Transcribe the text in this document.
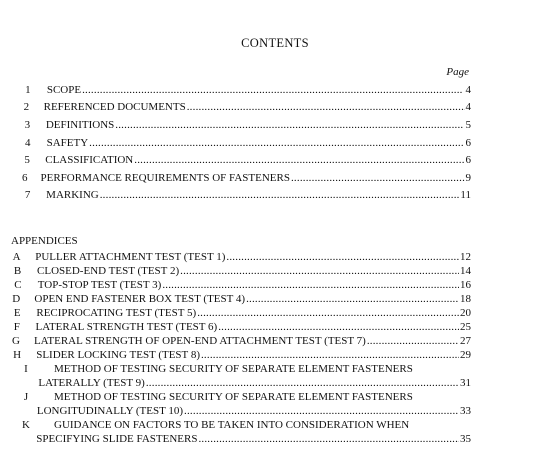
CONTENTS
Page
1 SCOPE .....	4
2 REFERENCED DOCUMENTS .....	4
3 DEFINITIONS .....	5
4 SAFETY .....	6
5 CLASSIFICATION .....	6
6 PERFORMANCE REQUIREMENTS OF FASTENERS .....	9
7 MARKING .....	11
APPENDICES
A PULLER ATTACHMENT TEST (TEST 1) .....	12
B CLOSED-END TEST (TEST 2) .....	14
C TOP-STOP TEST (TEST 3) .....	16
D OPEN END FASTENER BOX TEST (TEST 4) .....	18
E RECIPROCATING TEST (TEST 5) .....	20
F LATERAL STRENGTH TEST (TEST 6) .....	25
G LATERAL STRENGTH OF OPEN-END ATTACHMENT TEST (TEST 7) .....	27
H SLIDER LOCKING TEST (TEST 8) .....	29
I METHOD OF TESTING SECURITY OF SEPARATE ELEMENT FASTENERS
LATERALLY (TEST 9) .....	31
J METHOD OF TESTING SECURITY OF SEPARATE ELEMENT FASTENERS
LONGITUDINALLY (TEST 10) .....	33
K GUIDANCE ON FACTORS TO BE TAKEN INTO CONSIDERATION WHEN
SPECIFYING SLIDE FASTENERS .....	35
